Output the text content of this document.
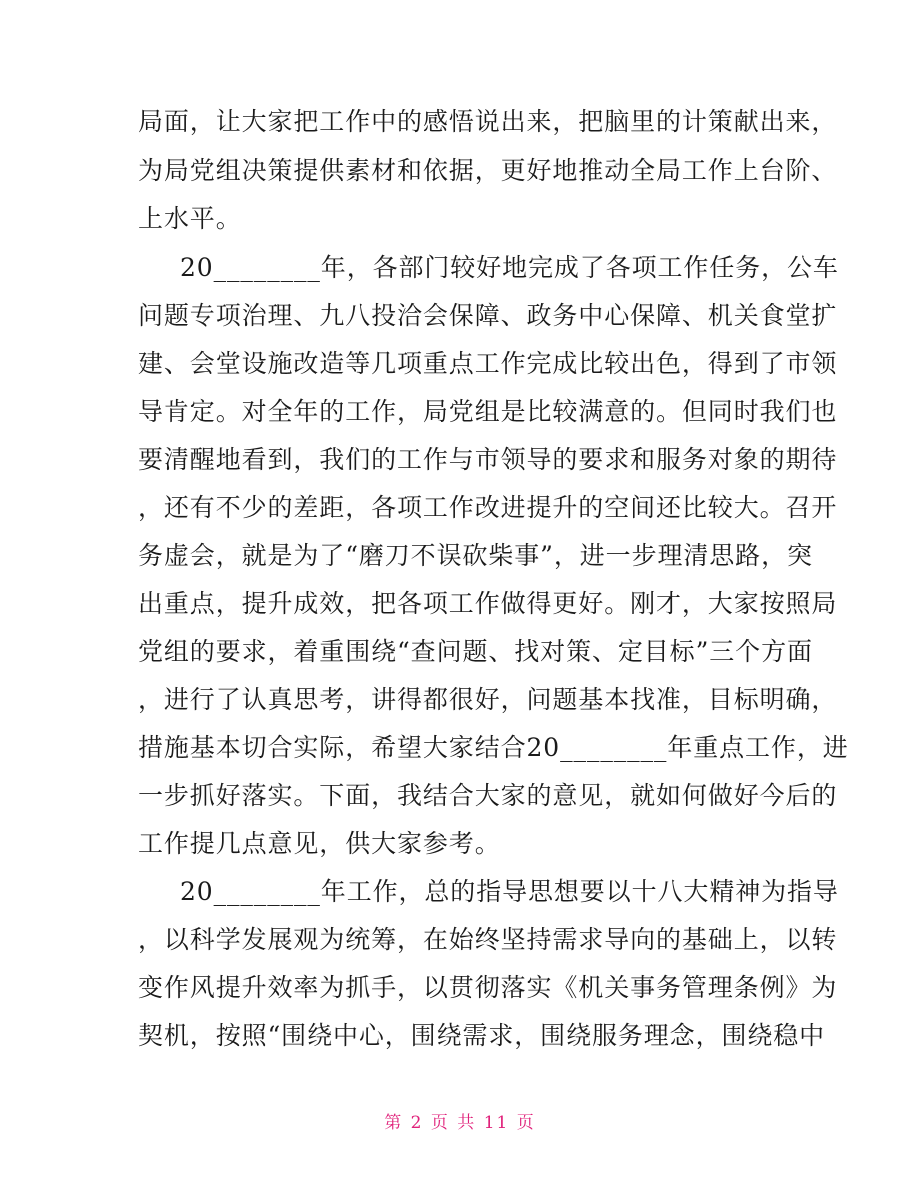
局面，让大家把工作中的感悟说出来，把脑里的计策献出来，
为局党组决策提供素材和依据，更好地推动全局工作上台阶、
上水平。
20________年，各部门较好地完成了各项工作任务，公车
问题专项治理、九八投洽会保障、政务中心保障、机关食堂扩
建、会堂设施改造等几项重点工作完成比较出色，得到了市领
导肯定。对全年的工作，局党组是比较满意的。但同时我们也
要清醒地看到，我们的工作与市领导的要求和服务对象的期待
，还有不少的差距，各项工作改进提升的空间还比较大。召开
务虚会，就是为了“磨刀不误砍柴事”，进一步理清思路，突
出重点，提升成效，把各项工作做得更好。刚才，大家按照局
党组的要求，着重围绕“查问题、找对策、定目标”三个方面
，进行了认真思考，讲得都很好，问题基本找准，目标明确，
措施基本切合实际，希望大家结合20________年重点工作，进
一步抓好落实。下面，我结合大家的意见，就如何做好今后的
工作提几点意见，供大家参考。
20________年工作，总的指导思想要以十八大精神为指导
，以科学发展观为统筹，在始终坚持需求导向的基础上，以转
变作风提升效率为抓手，以贯彻落实《机关事务管理条例》为
契机，按照“围绕中心，围绕需求，围绕服务理念，围绕稳中
第 2 页 共 11 页
